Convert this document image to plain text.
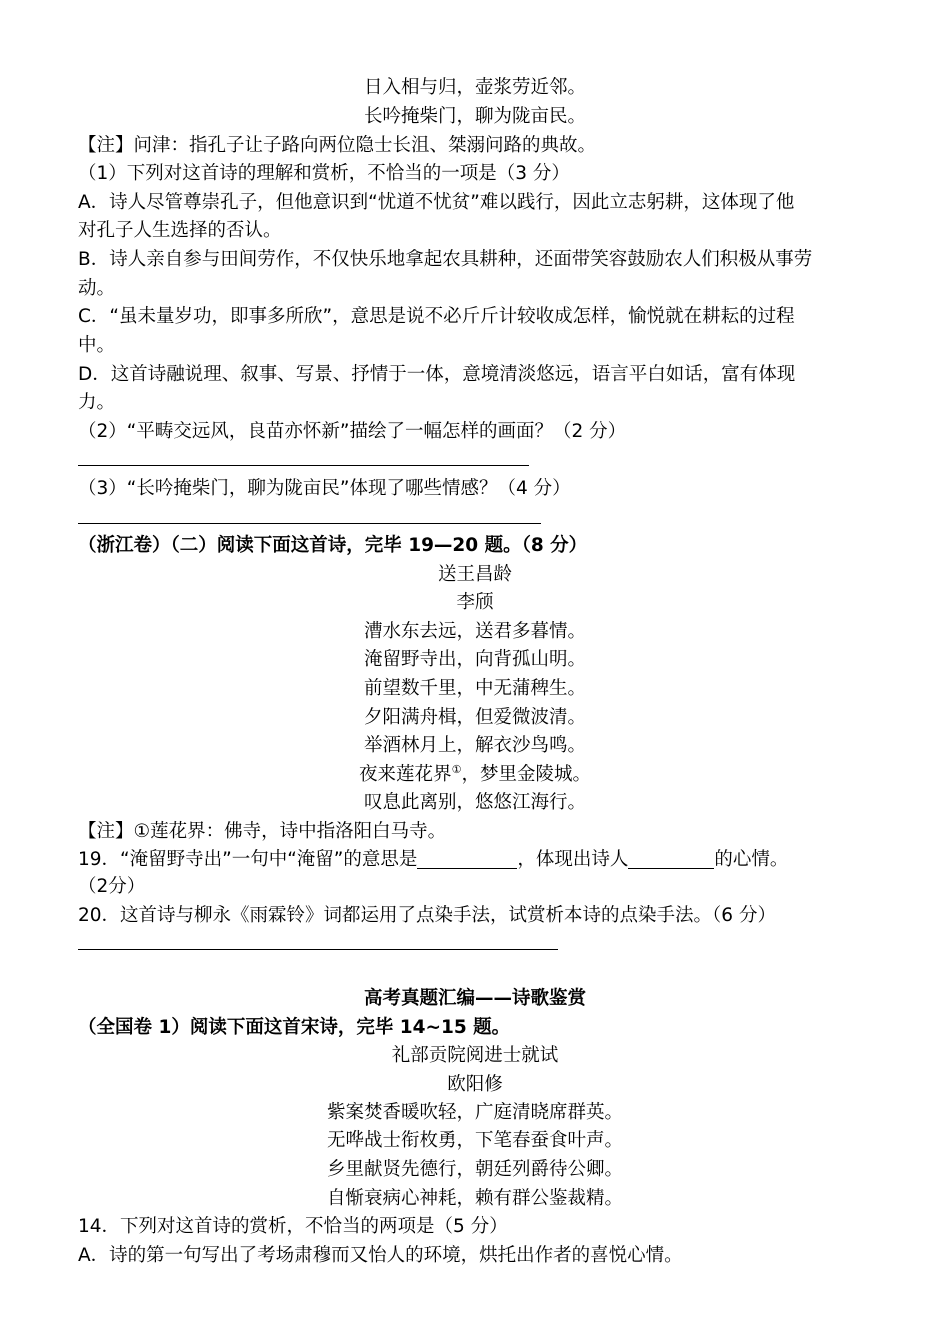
日入相与归，壶浆劳近邻。
长吟掩柴门，聊为陇亩民。
【注】问津：指孔子让子路向两位隐士长沮、桀溺问路的典故。
（1）下列对这首诗的理解和赏析，不恰当的一项是（3 分）
A．诗人尽管尊崇孔子，但他意识到“忧道不忧贫”难以践行，因此立志躬耕，这体现了他
对孔子人生选择的否认。
B．诗人亲自参与田间劳作，不仅快乐地拿起农具耕种，还面带笑容鼓励农人们积极从事劳
动。
C．“虽未量岁功，即事多所欣”，意思是说不必斤斤计较收成怎样，愉悦就在耕耘的过程
中。
D．这首诗融说理、叙事、写景、抒情于一体，意境清淡悠远，语言平白如话，富有体现
力。
（2）“平畴交远风，良苗亦怀新”描绘了一幅怎样的画面？（2 分）
（3）“长吟掩柴门，聊为陇亩民”体现了哪些情感？（4 分）
（浙江卷）（二）阅读下面这首诗，完毕 19—20 题。（8 分）
送王昌龄
李颀
漕水东去远，送君多暮情。
淹留野寺出，向背孤山明。
前望数千里，中无蒲稗生。
夕阳满舟楫，但爱微波清。
举酒林月上，解衣沙鸟鸣。
夜来莲花界①，梦里金陵城。
叹息此离别，悠悠江海行。
【注】①莲花界：佛寺，诗中指洛阳白马寺。
19．“淹留野寺出”一句中“淹留”的意思是	，体现出诗人	的心情。
（2分）
20．这首诗与柳永《雨霖铃》词都运用了点染手法，试赏析本诗的点染手法。（6 分）
高考真题汇编——诗歌鉴赏
（全国卷 1）阅读下面这首宋诗，完毕 14~15 题。
礼部贡院阅进士就试
欧阳修
紫案焚香暖吹轻，广庭清晓席群英。
无哗战士衔枚勇，下笔春蚕食叶声。
乡里献贤先德行，朝廷列爵待公卿。
自惭衰病心神耗，赖有群公鉴裁精。
14．下列对这首诗的赏析，不恰当的两项是（5 分）
A．诗的第一句写出了考场肃穆而又怡人的环境，烘托出作者的喜悦心情。
